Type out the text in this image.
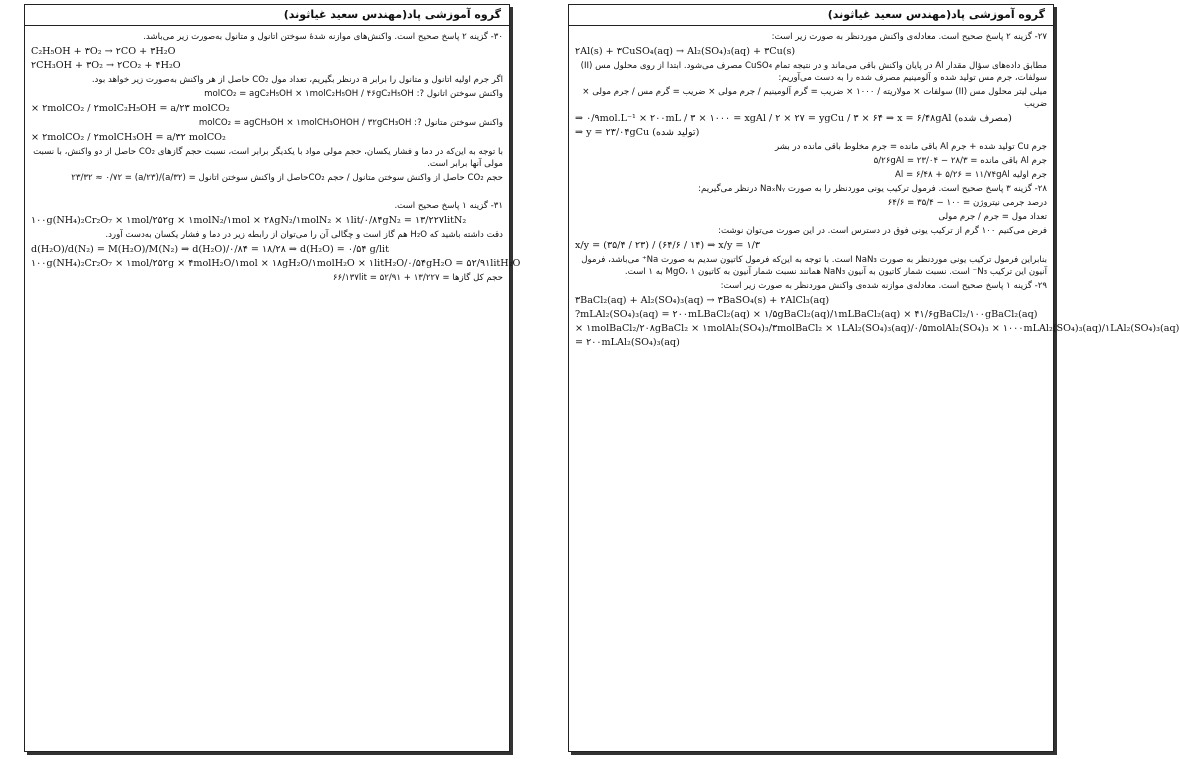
گروه آموزشی پاد(مهندس سعید غیاثوند)
۳۰- گزینه ۲ پاسخ صحیح است. واکنش‌های موازنه شده‌ٔ سوختن اتانول و متانول به‌صورت زیر می‌باشد.
C₂H₅OH + ۳O₂ → ۲CO + ۳H₂O
۲CH₃OH + ۳O₂ → ۲CO₂ + ۴H₂O
اگر جرم اولیه اتانول و متانول را برابر a درنظر بگیریم، تعداد مول CO₂ حاصل از هر واکنش به‌صورت زیر خواهد بود.
واکنش سوختن اتانول ?: molCO₂ = agC₂H₅OH × ۱molC₂H₅OH / ۴۶gC₂H₅OH
× ۲molCO₂ / ۲molC₂H₅OH = a/۲۳ molCO₂
واکنش سوختن متانول ?: molCO₂ = agCH₃OH × ۱molCH₃OHOH / ۳۲gCH₃OH
× ۲molCO₂ / ۲molCH₃OH = a/۳۲ molCO₂
با توجه به این‌که در دما و فشار یکسان، حجم مولی مواد با یکدیگر برابر است، نسبت حجم گازهای CO₂ حاصل از دو واکنش، با نسبت مولی آنها برابر است.
حجم CO₂ حاصل از واکنش سوختن متانول / حجم CO₂حاصل از واکنش سوختن اتانول = (a/۳۲)/(a/۲۳) = ۲۳/۳۲ ≈ ۰/۷۲
۳۱- گزینه ۱ پاسخ صحیح است.
۱۰۰g(NH₄)₂Cr₂O₇ × ۱mol/۲۵۲g × ۱molN₂/۱mol × ۲۸gN₂/۱molN₂ × ۱lit/۰/۸۴gN₂ = ۱۳/۲۲۷litN₂
دقت داشته باشید که H₂O هم گاز است و چگالی آن را می‌توان از رابطه زیر در دما و فشار یکسان به‌دست آورد.
d(H₂O)/d(N₂) = M(H₂O)/M(N₂) ⇒ d(H₂O)/۰/۸۴ = ۱۸/۲۸ ⇒ d(H₂O) = ۰/۵۴ g/lit
۱۰۰g(NH₄)₂Cr₂O₇ × ۱mol/۲۵۲g × ۴molH₂O/۱mol × ۱۸gH₂O/۱molH₂O × ۱litH₂O/۰/۵۴gH₂O = ۵۲/۹۱litH₂O
حجم کل گازها = ۱۳/۲۲۷ + ۵۲/۹۱ = ۶۶/۱۳۷lit
گروه آموزشی پاد(مهندس سعید غیاثوند)
۲۷- گزینه ۲ پاسخ صحیح است. معادله‌ی واکنش موردنظر به صورت زیر است:
۲Al(s) + ۳CuSO₄(aq) → Al₂(SO₄)₃(aq) + ۳Cu(s)
مطابق داده‌های سؤال مقدار Al در پایان واکنش باقی می‌ماند و در نتیجه تمام CuSO₄ مصرف می‌شود. ابتدا از روی محلول مس (II) سولفات، جرم مس تولید شده و آلومینیم مصرف شده را به دست می‌آوریم:
میلی لیتر محلول مس (II) سولفات × مولاریته / ۱۰۰۰ × ضریب = گرم آلومینیم / جرم مولی × ضریب = گرم مس / جرم مولی × ضریب
⇒ ۰/۹mol.L⁻¹ × ۲۰۰mL / ۳ × ۱۰۰۰ = xgAl / ۲ × ۲۷ = ygCu / ۳ × ۶۴ ⇒ x = ۶/۴۸gAl (مصرف شده)
⇒ y = ۲۳/۰۴gCu (تولید شده)
جرم Cu تولید شده + جرم Al باقی مانده = جرم مخلوط باقی مانده در بشر
جرم Al باقی مانده = ۲۸/۳ − ۲۳/۰۴ = ۵/۲۶gAl
جرم اولیه Al = ۶/۴۸ + ۵/۲۶ = ۱۱/۷۴gAl
۲۸- گزینه ۳ پاسخ صحیح است. فرمول ترکیب یونی موردنظر را به صورت NaₓNᵧ درنظر می‌گیریم:
درصد جرمی نیتروژن = ۱۰۰ − ۳۵/۴ = ۶۴/۶
تعداد مول = جرم / جرم مولی
فرض می‌کنیم ۱۰۰ گرم از ترکیب یونی فوق در دسترس است. در این صورت می‌توان نوشت:
x/y = (۳۵/۴ / ۲۳) / (۶۴/۶ / ۱۴) ⇒ x/y = ۱/۳
بنابراین فرمول ترکیب یونی موردنظر به صورت NaN₃ است. با توجه به این‌که فرمول کاتیون سدیم به صورت Na⁺ می‌باشد، فرمول آنیون این ترکیب N₃⁻ است. نسبت شمار کاتیون به آنیون NaN₃ همانند نسبت شمار آنیون به کاتیون MgO، ۱ به ۱ است.
۲۹- گزینه ۱ پاسخ صحیح است. معادله‌ی موازنه شده‌ی واکنش موردنظر به صورت زیر است:
۳BaCl₂(aq) + Al₂(SO₄)₃(aq) → ۳BaSO₄(s) + ۲AlCl₃(aq)
?mLAl₂(SO₄)₃(aq) = ۲۰۰mLBaCl₂(aq) × ۱/۵gBaCl₂(aq)/۱mLBaCl₂(aq) × ۴۱/۶gBaCl₂/۱۰۰gBaCl₂(aq)
× ۱molBaCl₂/۲۰۸gBaCl₂ × ۱molAl₂(SO₄)₃/۳molBaCl₂ × ۱LAl₂(SO₄)₃(aq)/۰/۵molAl₂(SO₄)₃ × ۱۰۰۰mLAl₂(SO₄)₃(aq)/۱LAl₂(SO₄)₃(aq)
= ۲۰۰mLAl₂(SO₄)₃(aq)
